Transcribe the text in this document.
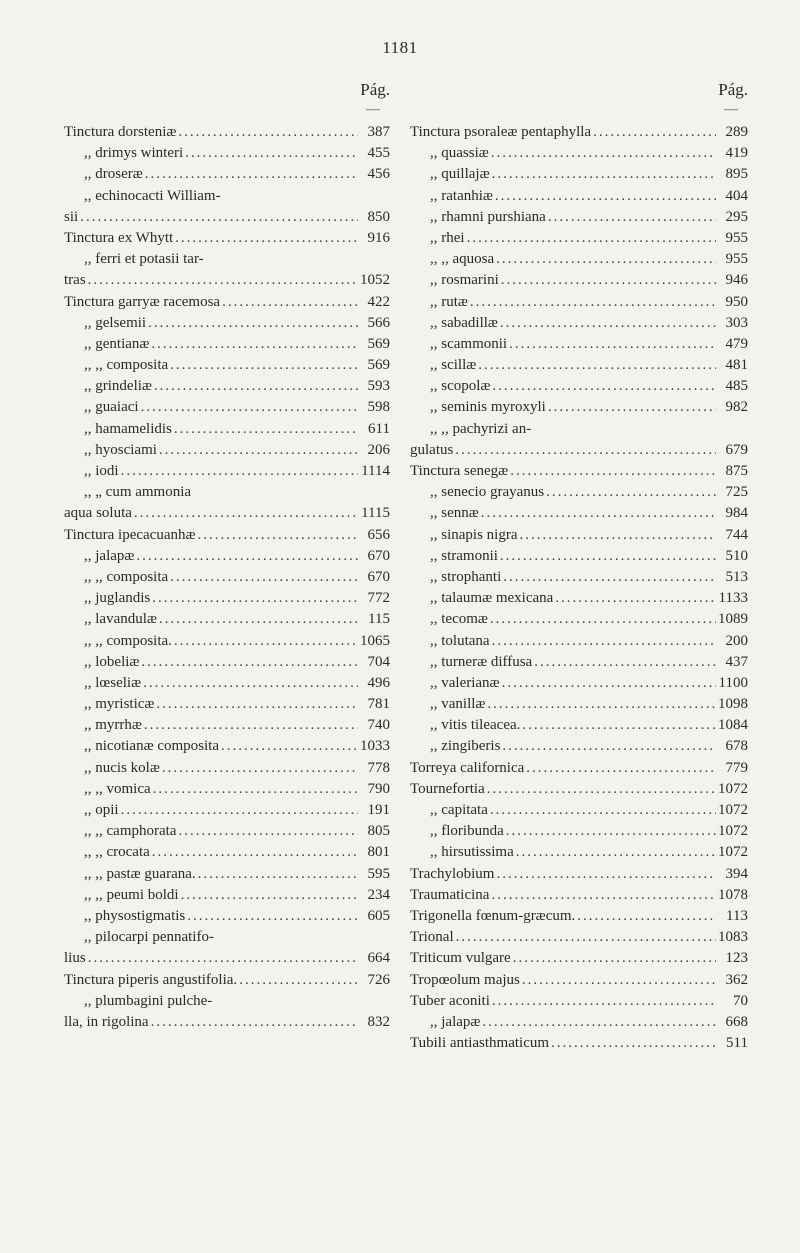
1181
Pág.
—
Tinctura dorsteniæ .....	387
,, drimys winteri .....	455
,, droseræ .....	456
,, echinocacti William-
sii .....	850
Tinctura ex Whytt .....	916
,, ferri et potasii tar-
tras .....	1052
Tinctura garryæ racemosa .....	422
,, gelsemii .....	566
,, gentianæ .....	569
,, ,, composita .....	569
,, grindeliæ .....	593
,, guaiaci .....	598
,, hamamelidis .....	611
,, hyosciami .....	206
,, iodi .....	1114
,, „ cum ammonia
aqua soluta .....	1115
Tinctura ipecacuanhæ .....	656
,, jalapæ .....	670
,, ,, composita .....	670
,, juglandis .....	772
,, lavandulæ .....	115
,, ,, composita. .....	1065
,, lobeliæ .....	704
,, lœseliæ .....	496
,, myristicæ .....	781
,, myrrhæ .....	740
,, nicotianæ composita .....	1033
,, nucis kolæ .....	778
,, ,, vomica .....	790
,, opii .....	191
,, ,, camphorata .....	805
,, ,, crocata .....	801
,, ,, pastæ guarana. .....	595
,, ,, peumi boldi .....	234
,, physostigmatis .....	605
,, pilocarpi pennatifo-
lius .....	664
Tinctura piperis angustifolia. .....	726
,, plumbagini pulche-
lla, in rigolina .....	832
Pág.
—
Tinctura psoraleæ pentaphylla .....	289
,, quassiæ .....	419
,, quillajæ .....	895
,, ratanhiæ .....	404
,, rhamni purshiana .....	295
,, rhei .....	955
,, ,, aquosa .....	955
,, rosmarini .....	946
,, rutæ .....	950
,, sabadillæ .....	303
,, scammonii .....	479
,, scillæ .....	481
,, scopolæ .....	485
,, seminis myroxyli .....	982
,, ,, pachyrizi an-
gulatus .....	679
Tinctura senegæ .....	875
,, senecio grayanus .....	725
,, sennæ .....	984
,, sinapis nigra .....	744
,, stramonii .....	510
,, strophanti .....	513
,, talaumæ mexicana .....	1133
,, tecomæ .....	1089
,, tolutana .....	200
,, turneræ diffusa .....	437
,, valerianæ .....	1100
,, vanillæ .....	1098
,, vitis tileacea. .....	1084
,, zingiberis .....	678
Torreya californica .....	779
Tournefortia .....	1072
,, capitata .....	1072
,, floribunda .....	1072
,, hirsutissima .....	1072
Trachylobium .....	394
Traumaticina .....	1078
Trigonella fœnum-græcum. .....	113
Trional .....	1083
Triticum vulgare .....	123
Tropœolum majus .....	362
Tuber aconiti .....	70
,, jalapæ .....	668
Tubili antiasthmaticum .....	511
